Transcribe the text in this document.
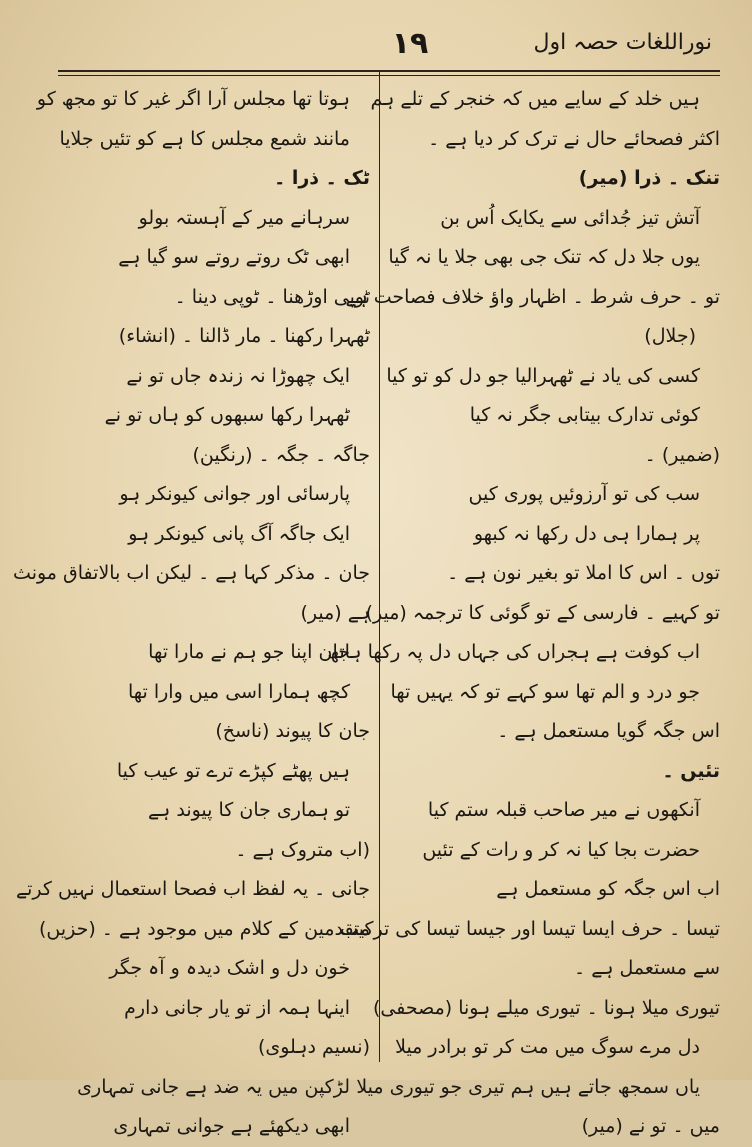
۱۹	نوراللغات حصہ اول
ہیں خلد کے سایے میں کہ خنجر کے تلے ہم
اکثر فصحائے حال نے ترک کر دیا ہے ۔
تنک ۔ ذرا (میر)
آتش تیز جُدائی سے یکایک اُس بن
یوں جلا دل کہ تنک جی بھی جلا یا نہ گیا
تو ۔ حرف شرط ۔ اظہار واؤ خلاف فصاحت ہے
(جلال)
کسی کی یاد نے ٹھہرالیا جو دل کو تو کیا
کوئی تدارک بیتابی جگر نہ کیا
(ضمیر) ۔
سب کی تو آرزوئیں پوری کیں
پر ہمارا ہی دل رکھا نہ کبھو
توں ۔ اس کا املا تو بغیر نون ہے ۔
تو کہیے ۔ فارسی کے تو گوئی کا ترجمہ (میر)
اب کوفت ہے ہجراں کی جہاں دل پہ رکھا ہاتھ
جو درد و الم تھا سو کہے تو کہ یہیں تھا
اس جگہ گویا مستعمل ہے ۔
تئیں ۔
آنکھوں نے میر صاحب قبلہ ستم کیا
حضرت بجا کیا نہ کر و رات کے تئیں
اب اس جگہ کو مستعمل ہے
تیسا ۔ حرف ایسا تیسا اور جیسا تیسا کی ترکیب
سے مستعمل ہے ۔
تیوری میلا ہونا ۔ تیوری میلے ہونا (مصحفی)
دل مرے سوگ میں مت کر تو برادر میلا
یاں سمجھ جاتے ہیں ہم تیری جو تیوری میلا
میں ۔ تو نے (میر)
ہوتا تھا مجلس آرا اگر غیر کا تو مجھ کو
مانند شمع مجلس کا ہے کو تئیں جلایا
ٹک ۔ ذرا ۔
سرہانے میر کے آہستہ بولو
ابھی ٹک روتے روتے سو گیا ہے
ٹوپی اوڑھنا ۔ ٹوپی دینا ۔
ٹھہرا رکھنا ۔ مار ڈالنا ۔ (انشاء)
ایک چھوڑا نہ زندہ جاں تو نے
ٹھہرا رکھا سبھوں کو ہاں تو نے
جاگہ ۔ جگہ ۔ (رنگین)
پارسائی اور جوانی کیونکر ہو
ایک جاگہ آگ پانی کیونکر ہو
جان ۔ مذکر کہا ہے ۔ لیکن اب بالاتفاق مونث
ہے (میر)
جان اپنا جو ہم نے مارا تھا
کچھ ہمارا اسی میں وارا تھا
جان کا پیوند (ناسخ)
ہیں پھٹے کپڑے ترے تو عیب کیا
تو ہماری جان کا پیوند ہے
(اب متروک ہے ۔
جانی ۔ یہ لفظ اب فصحا استعمال نہیں کرتے
متقدمین کے کلام میں موجود ہے ۔ (حزیں)
خون دل و اشک دیدہ و آہ جگر
اینہا ہمہ از تو یار جانی دارم
(نسیم دہلوی)
لڑکپن میں یہ ضد ہے جانی تمہاری
ابھی دیکھئے ہے جوانی تمہاری
